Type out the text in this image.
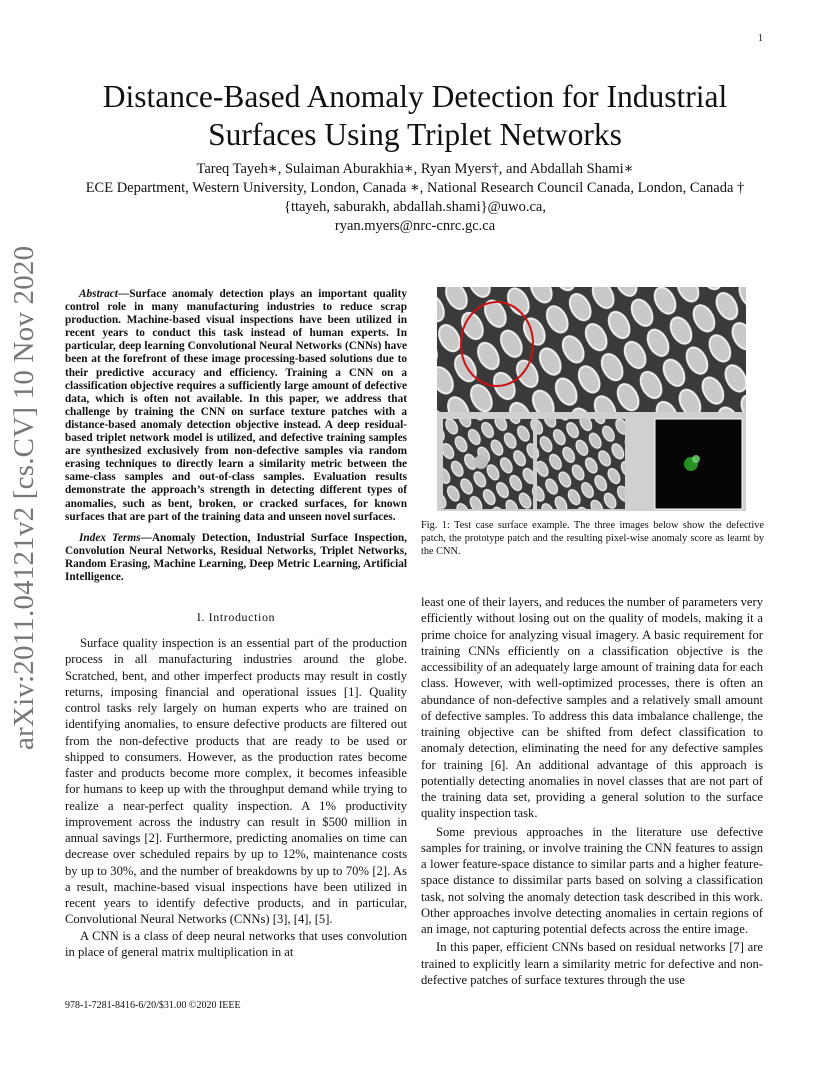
1
arXiv:2011.04121v2 [cs.CV] 10 Nov 2020
Distance-Based Anomaly Detection for Industrial
Surfaces Using Triplet Networks
Tareq Tayeh∗, Sulaiman Aburakhia∗, Ryan Myers†, and Abdallah Shami∗
ECE Department, Western University, London, Canada ∗, National Research Council Canada, London, Canada †
{ttayeh, saburakh, abdallah.shami}@uwo.ca,
ryan.myers@nrc-cnrc.gc.ca

Abstract—Surface anomaly detection plays an important quality control role in many manufacturing industries to reduce scrap production. Machine-based visual inspections have been utilized in recent years to conduct this task instead of human experts. In particular, deep learning Convolutional Neural Networks (CNNs) have been at the forefront of these image processing-based solutions due to their predictive accuracy and efficiency. Training a CNN on a classification objective requires a sufficiently large amount of defective data, which is often not available. In this paper, we address that challenge by training the CNN on surface texture patches with a distance-based anomaly detection objective instead. A deep residual-based triplet network model is utilized, and defective training samples are synthesized exclusively from non-defective samples via random erasing techniques to directly learn a similarity metric between the same-class samples and out-of-class samples. Evaluation results demonstrate the approach’s strength in detecting different types of anomalies, such as bent, broken, or cracked surfaces, for known surfaces that are part of the training data and unseen novel surfaces.

Index Terms—Anomaly Detection, Industrial Surface Inspection, Convolution Neural Networks, Residual Networks, Triplet Networks, Random Erasing, Machine Learning, Deep Metric Learning, Artificial Intelligence.

I. Introduction

Surface quality inspection is an essential part of the production process in all manufacturing industries around the globe. Scratched, bent, and other imperfect products may result in costly returns, imposing financial and operational issues [1]. Quality control tasks rely largely on human experts who are trained on identifying anomalies, to ensure defective products are filtered out from the non-defective products that are ready to be used or shipped to consumers. However, as the production rates become faster and products become more complex, it becomes infeasible for humans to keep up with the throughput demand while trying to realize a near-perfect quality inspection. A 1% productivity improvement across the industry can result in $500 million in annual savings [2]. Furthermore, predicting anomalies on time can decrease over scheduled repairs by up to 12%, maintenance costs by up to 30%, and the number of breakdowns by up to 70% [2]. As a result, machine-based visual inspections have been utilized in recent years to identify defective products, and in particular, Convolutional Neural Networks (CNNs) [3], [4], [5].

A CNN is a class of deep neural networks that uses convolution in place of general matrix multiplication in at

978-1-7281-8416-6/20/$31.00 ©2020 IEEE
Fig. 1: Test case surface example. The three images below show the defective patch, the prototype patch and the resulting pixel-wise anomaly score as learnt by the CNN.

least one of their layers, and reduces the number of parameters very efficiently without losing out on the quality of models, making it a prime choice for analyzing visual imagery. A basic requirement for training CNNs efficiently on a classification objective is the accessibility of an adequately large amount of training data for each class. However, with well-optimized processes, there is often an abundance of non-defective samples and a relatively small amount of defective samples. To address this data imbalance challenge, the training objective can be shifted from defect classification to anomaly detection, eliminating the need for any defective samples for training [6]. An additional advantage of this approach is potentially detecting anomalies in novel classes that are not part of the training data set, providing a general solution to the surface quality inspection task.

Some previous approaches in the literature use defective samples for training, or involve training the CNN features to assign a lower feature-space distance to similar parts and a higher feature-space distance to dissimilar parts based on solving a classification task, not solving the anomaly detection task described in this work. Other approaches involve detecting anomalies in certain regions of an image, not capturing potential defects across the entire image.

In this paper, efficient CNNs based on residual networks [7] are trained to explicitly learn a similarity metric for defective and non-defective patches of surface textures through the use
